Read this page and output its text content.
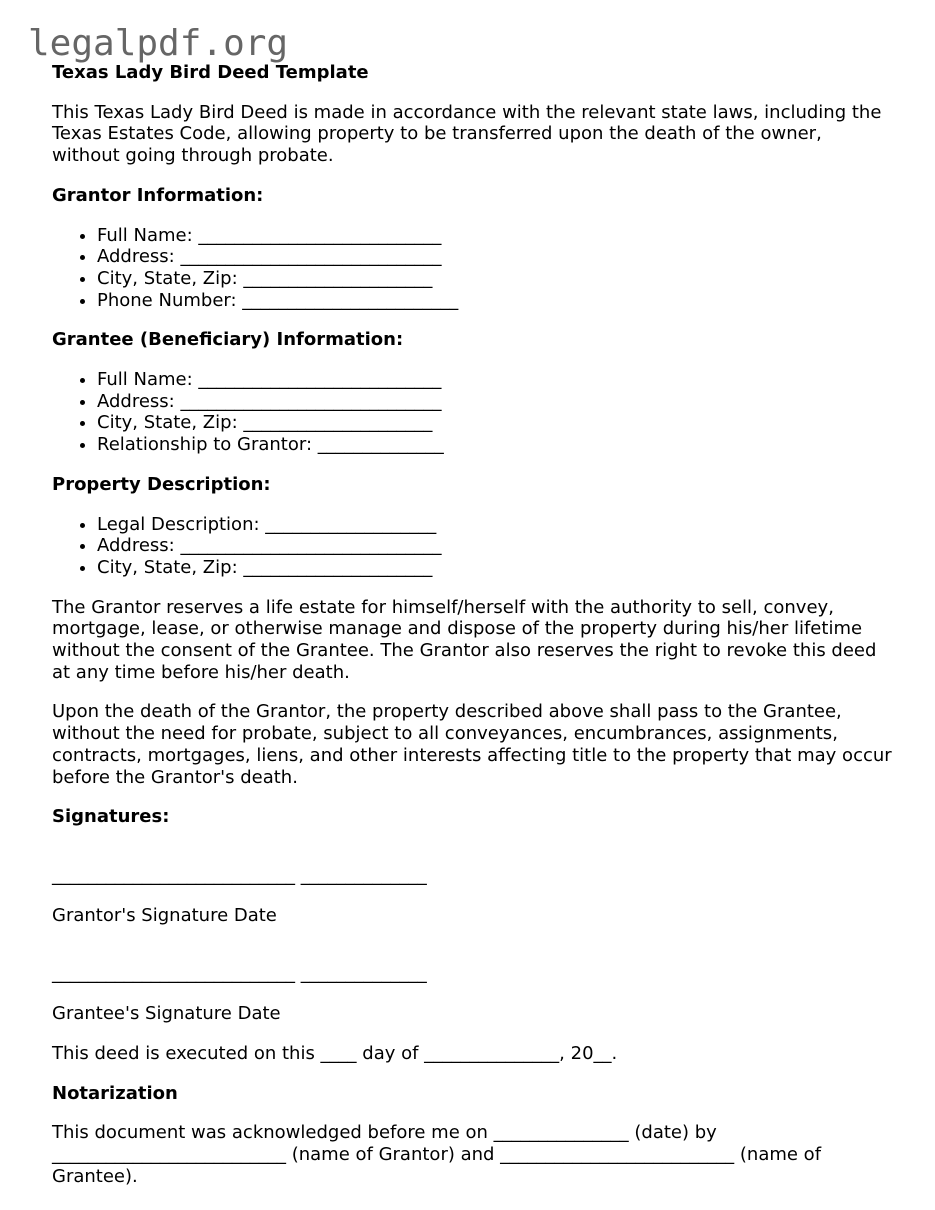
legalpdf.org
Texas Lady Bird Deed Template

This Texas Lady Bird Deed is made in accordance with the relevant state laws, including the Texas Estates Code, allowing property to be transferred upon the death of the owner, without going through probate.

Grantor Information:
• Full Name: ___________________________
• Address: _____________________________
• City, State, Zip: _____________________
• Phone Number: ________________________
Grantee (Beneficiary) Information:
• Full Name: ___________________________
• Address: _____________________________
• City, State, Zip: _____________________
• Relationship to Grantor: ______________
Property Description:
• Legal Description: ___________________
• Address: _____________________________
• City, State, Zip: _____________________

The Grantor reserves a life estate for himself/herself with the authority to sell, convey, mortgage, lease, or otherwise manage and dispose of the property during his/her lifetime without the consent of the Grantee. The Grantor also reserves the right to revoke this deed at any time before his/her death.

Upon the death of the Grantor, the property described above shall pass to the Grantee, without the need for probate, subject to all conveyances, encumbrances, assignments, contracts, mortgages, liens, and other interests affecting title to the property that may occur before the Grantor's death.

Signatures:

___________________________ ______________

Grantor's Signature Date

___________________________ ______________

Grantee's Signature Date

This deed is executed on this ____ day of _______________, 20__.

Notarization

This document was acknowledged before me on _______________ (date) by __________________________ (name of Grantor) and __________________________ (name of Grantee).
